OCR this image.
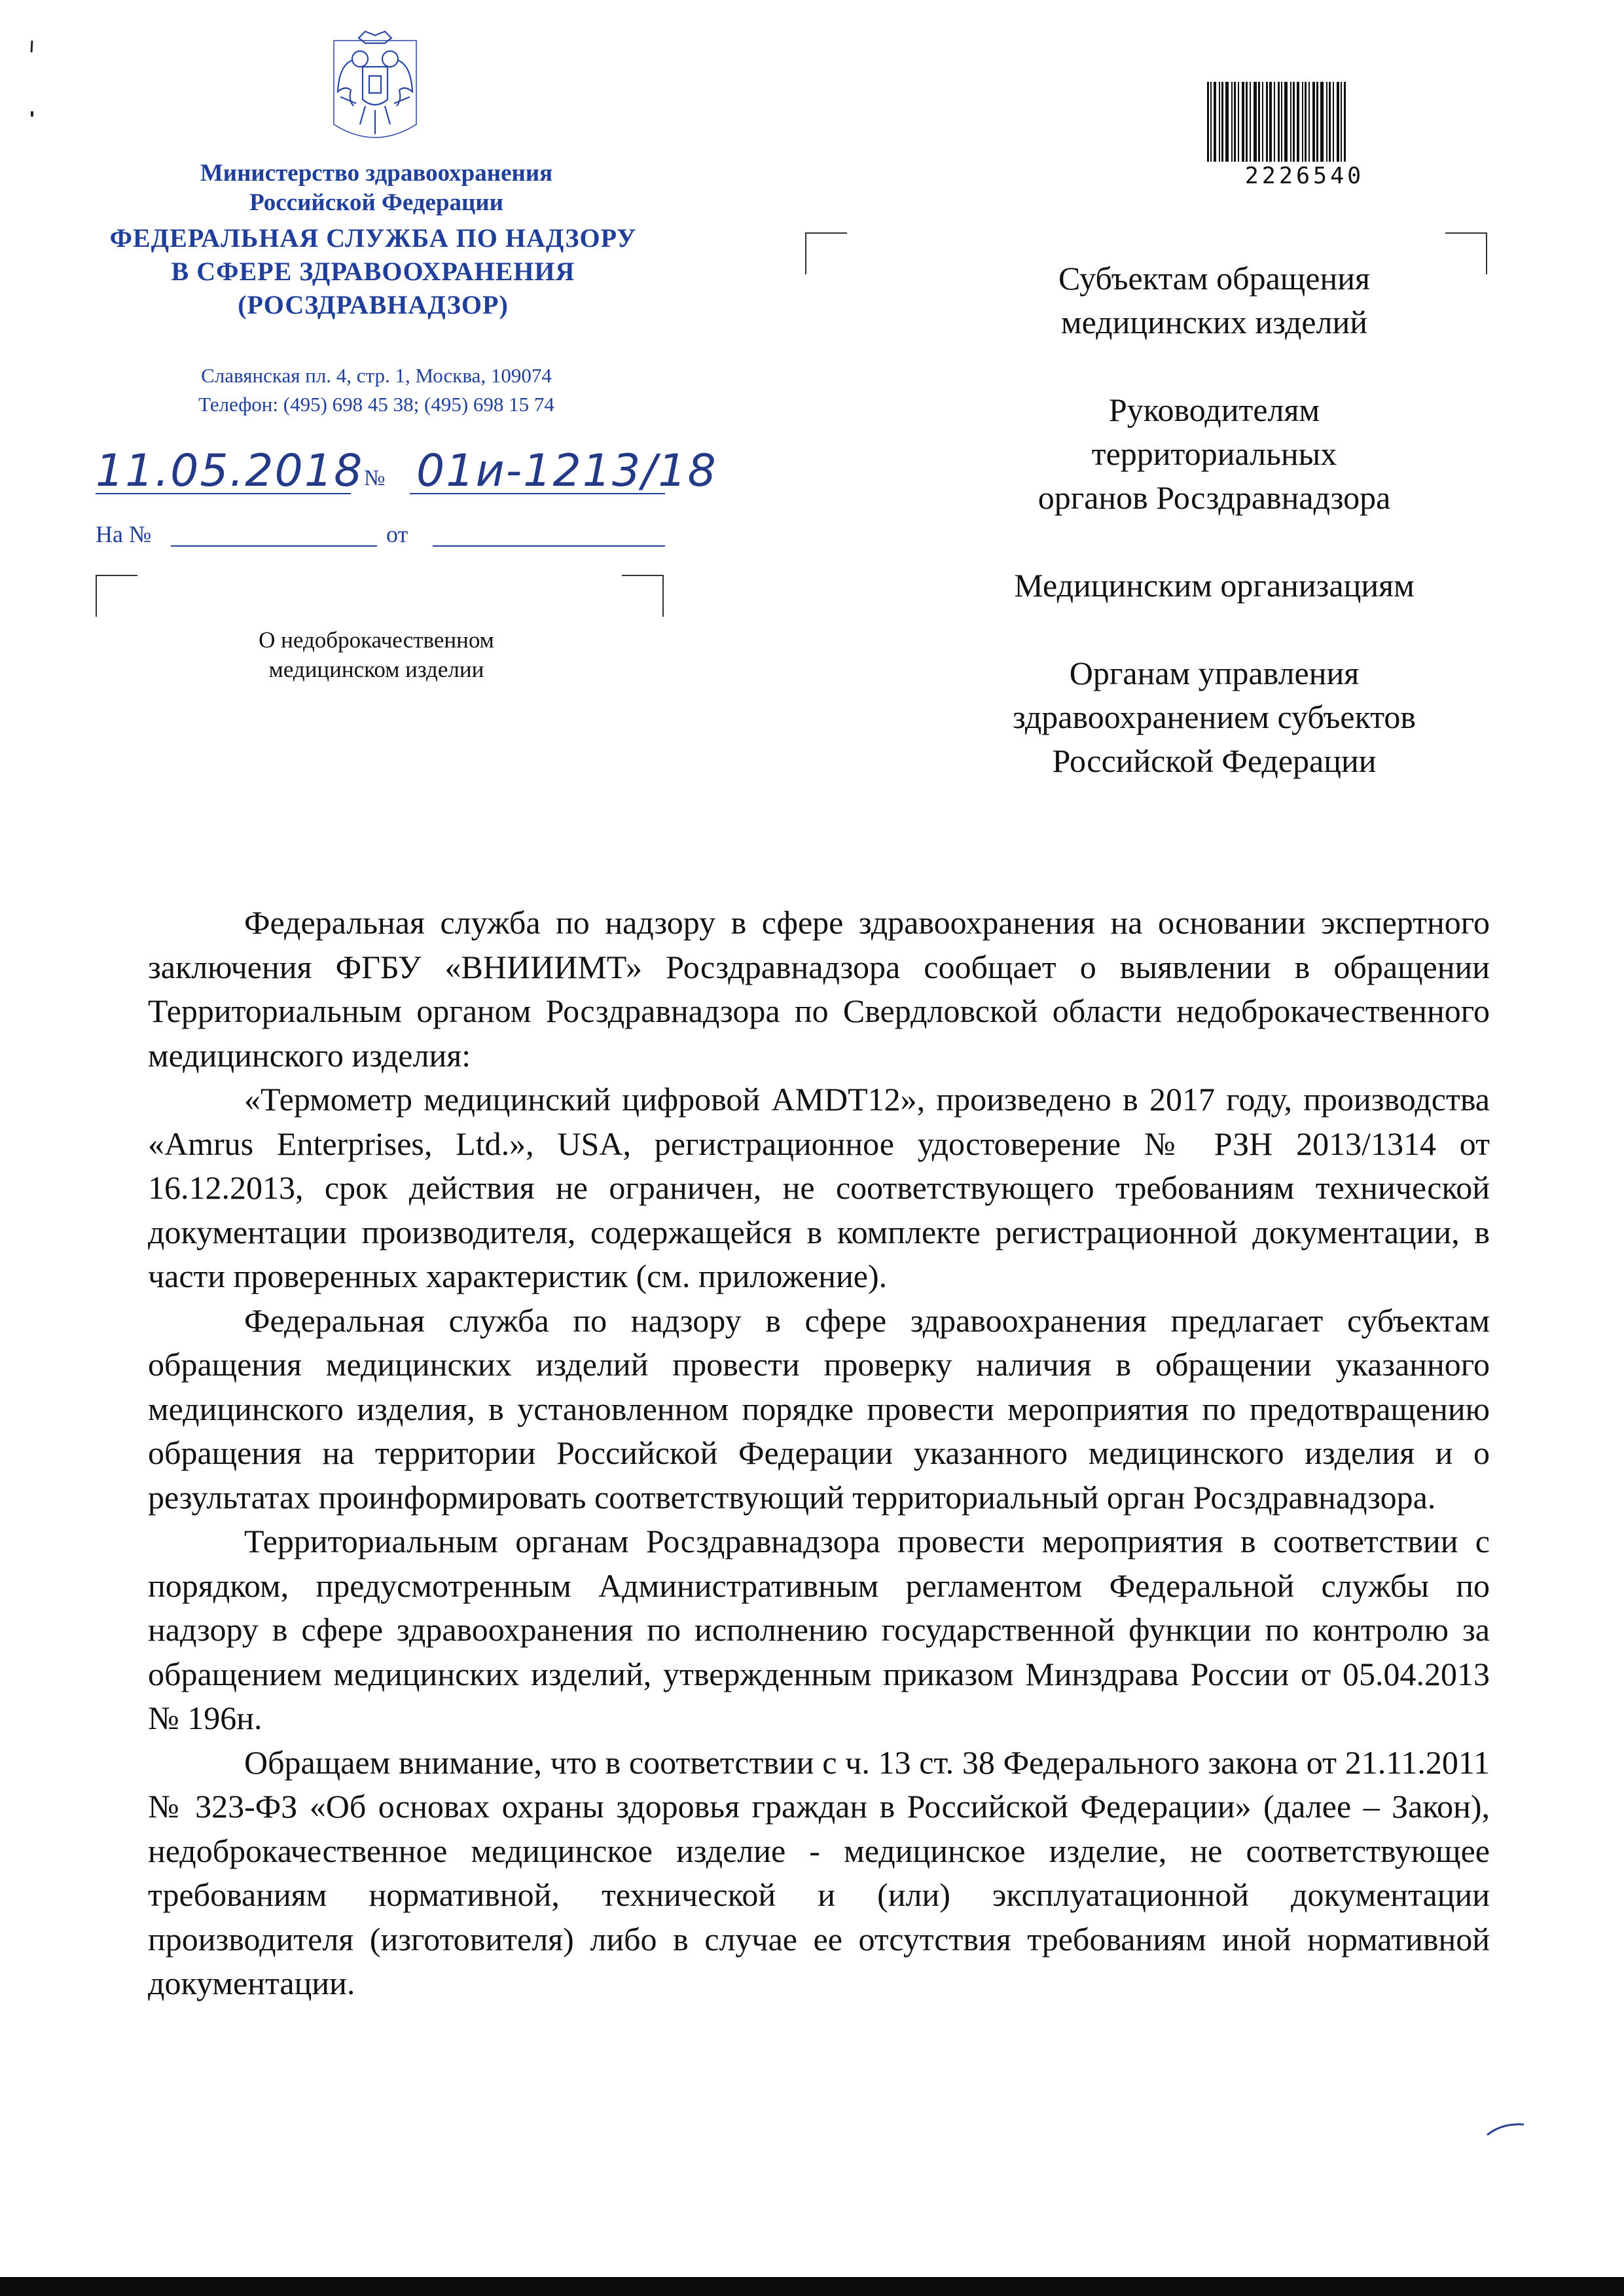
Министерство здравоохранения
Российской Федерации
ФЕДЕРАЛЬНАЯ СЛУЖБА ПО НАДЗОРУ
В СФЕРЕ ЗДРАВООХРАНЕНИЯ
(РОСЗДРАВНАДЗОР)
Славянская пл. 4, стр. 1, Москва, 109074
Телефон: (495) 698 45 38; (495) 698 15 74
11.05.2018 № 01и-1213/18
На №	от
О недоброкачественном
медицинском изделии
2226540
Субъектам обращения
медицинских изделий
Руководителям
территориальных
органов Росздравнадзора
Медицинским организациям
Органам управления
здравоохранением субъектов
Российской Федерации

Федеральная служба по надзору в сфере здравоохранения на основании экспертного заключения ФГБУ «ВНИИИМТ» Росздравнадзора сообщает о выявлении в обращении Территориальным органом Росздравнадзора по Свердловской области недоброкачественного медицинского изделия:

«Термометр медицинский цифровой AMDT12», произведено в 2017 году, производства «Amrus Enterprises, Ltd.», USA, регистрационное удостоверение № РЗН 2013/1314 от 16.12.2013, срок действия не ограничен, не соответствующего требованиям технической документации производителя, содержащейся в комплекте регистрационной документации, в части проверенных характеристик (см. приложение).

Федеральная служба по надзору в сфере здравоохранения предлагает субъектам обращения медицинских изделий провести проверку наличия в обращении указанного медицинского изделия, в установленном порядке провести мероприятия по предотвращению обращения на территории Российской Федерации указанного медицинского изделия и о результатах проинформировать соответствующий территориальный орган Росздравнадзора.

Территориальным органам Росздравнадзора провести мероприятия в соответствии с порядком, предусмотренным Административным регламентом Федеральной службы по надзору в сфере здравоохранения по исполнению государственной функции по контролю за обращением медицинских изделий, утвержденным приказом Минздрава России от 05.04.2013 № 196н.

Обращаем внимание, что в соответствии с ч. 13 ст. 38 Федерального закона от 21.11.2011 № 323-ФЗ «Об основах охраны здоровья граждан в Российской Федерации» (далее – Закон), недоброкачественное медицинское изделие - медицинское изделие, не соответствующее требованиям нормативной, технической и (или) эксплуатационной документации производителя (изготовителя) либо в случае ее отсутствия требованиям иной нормативной документации.
